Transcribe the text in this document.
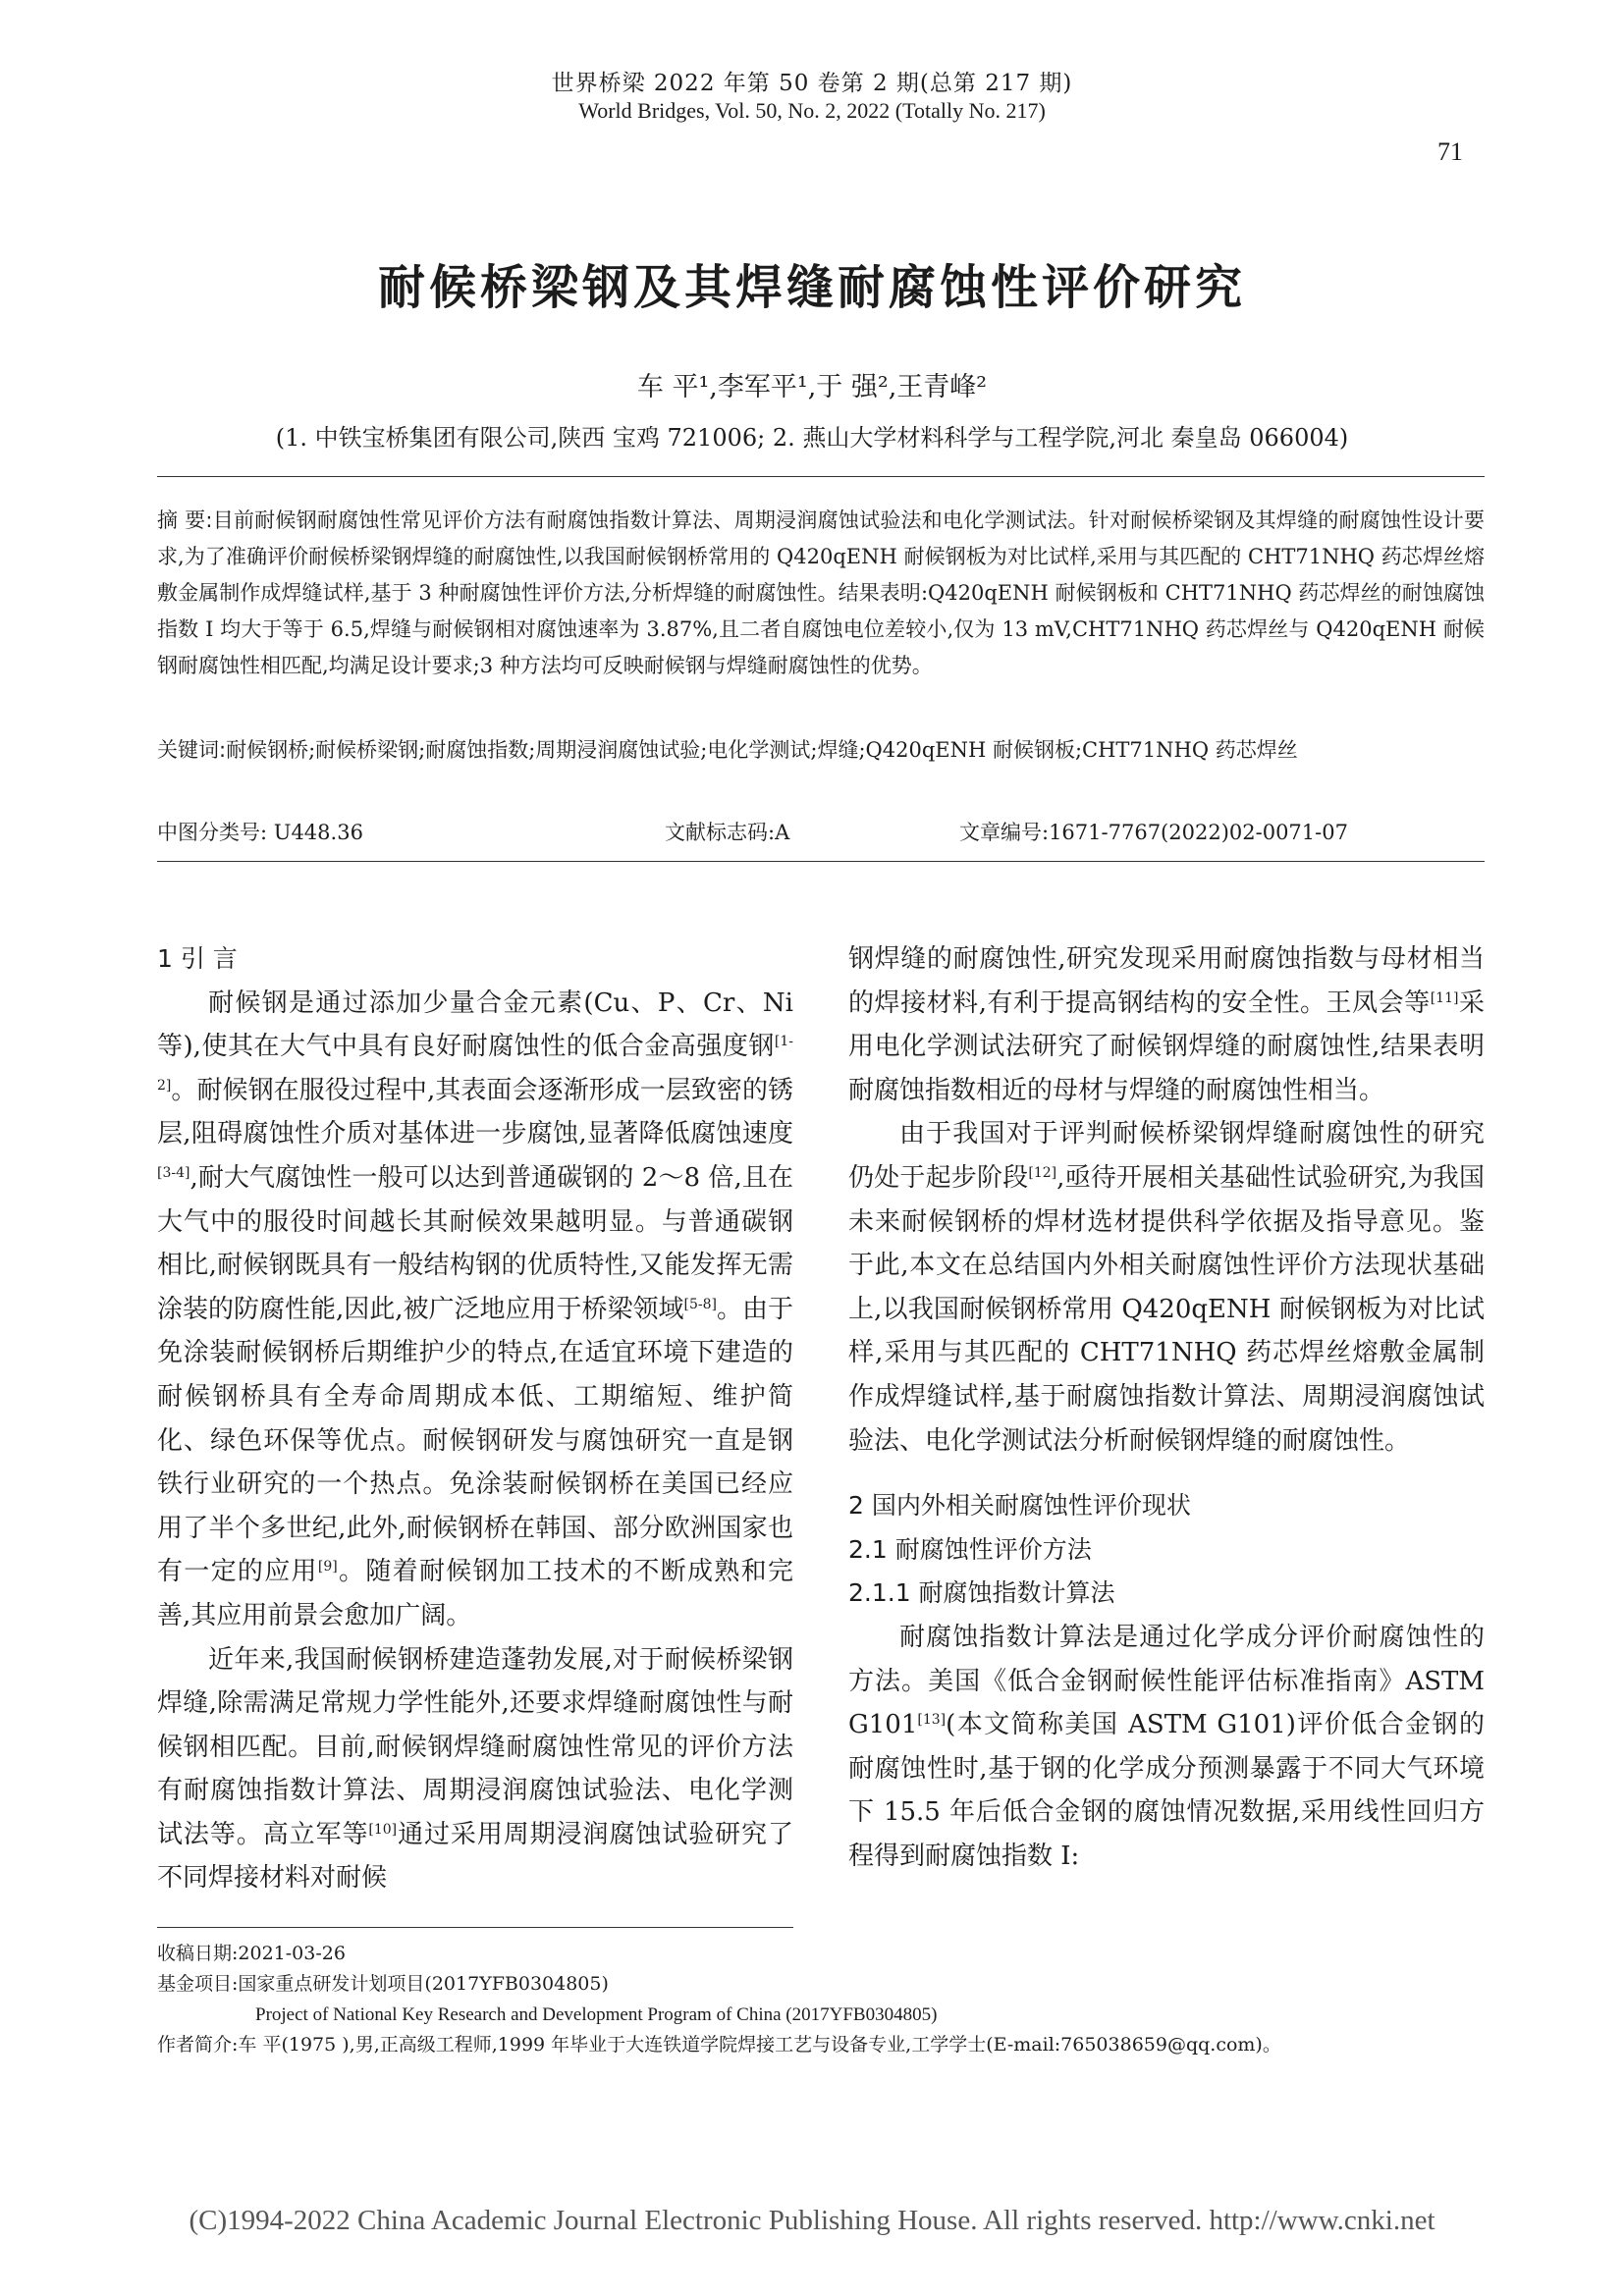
世界桥梁 2022 年第 50 卷第 2 期(总第 217 期)
World Bridges, Vol. 50, No. 2, 2022 (Totally No. 217)
71
耐候桥梁钢及其焊缝耐腐蚀性评价研究
车 平¹,李军平¹,于 强²,王青峰²
(1. 中铁宝桥集团有限公司,陕西 宝鸡 721006; 2. 燕山大学材料科学与工程学院,河北 秦皇岛 066004)
摘 要:目前耐候钢耐腐蚀性常见评价方法有耐腐蚀指数计算法、周期浸润腐蚀试验法和电化学测试法。针对耐候桥梁钢及其焊缝的耐腐蚀性设计要求,为了准确评价耐候桥梁钢焊缝的耐腐蚀性,以我国耐候钢桥常用的 Q420qENH 耐候钢板为对比试样,采用与其匹配的 CHT71NHQ 药芯焊丝熔敷金属制作成焊缝试样,基于 3 种耐腐蚀性评价方法,分析焊缝的耐腐蚀性。结果表明:Q420qENH 耐候钢板和 CHT71NHQ 药芯焊丝的耐蚀腐蚀指数 I 均大于等于 6.5,焊缝与耐候钢相对腐蚀速率为 3.87%,且二者自腐蚀电位差较小,仅为 13 mV,CHT71NHQ 药芯焊丝与 Q420qENH 耐候钢耐腐蚀性相匹配,均满足设计要求;3 种方法均可反映耐候钢与焊缝耐腐蚀性的优势。
关键词:耐候钢桥;耐候桥梁钢;耐腐蚀指数;周期浸润腐蚀试验;电化学测试;焊缝;Q420qENH 耐候钢板;CHT71NHQ 药芯焊丝
中图分类号: U448.36	文献标志码:A	文章编号:1671-7767(2022)02-0071-07

1 引 言

耐候钢是通过添加少量合金元素(Cu、P、Cr、Ni等),使其在大气中具有良好耐腐蚀性的低合金高强度钢[1-2]。耐候钢在服役过程中,其表面会逐渐形成一层致密的锈层,阻碍腐蚀性介质对基体进一步腐蚀,显著降低腐蚀速度[3-4],耐大气腐蚀性一般可以达到普通碳钢的 2～8 倍,且在大气中的服役时间越长其耐候效果越明显。与普通碳钢相比,耐候钢既具有一般结构钢的优质特性,又能发挥无需涂装的防腐性能,因此,被广泛地应用于桥梁领域[5-8]。由于免涂装耐候钢桥后期维护少的特点,在适宜环境下建造的耐候钢桥具有全寿命周期成本低、工期缩短、维护简化、绿色环保等优点。耐候钢研发与腐蚀研究一直是钢铁行业研究的一个热点。免涂装耐候钢桥在美国已经应用了半个多世纪,此外,耐候钢桥在韩国、部分欧洲国家也有一定的应用[9]。随着耐候钢加工技术的不断成熟和完善,其应用前景会愈加广阔。

近年来,我国耐候钢桥建造蓬勃发展,对于耐候桥梁钢焊缝,除需满足常规力学性能外,还要求焊缝耐腐蚀性与耐候钢相匹配。目前,耐候钢焊缝耐腐蚀性常见的评价方法有耐腐蚀指数计算法、周期浸润腐蚀试验法、电化学测试法等。高立军等[10]通过采用周期浸润腐蚀试验研究了不同焊接材料对耐候

钢焊缝的耐腐蚀性,研究发现采用耐腐蚀指数与母材相当的焊接材料,有利于提高钢结构的安全性。王凤会等[11]采用电化学测试法研究了耐候钢焊缝的耐腐蚀性,结果表明耐腐蚀指数相近的母材与焊缝的耐腐蚀性相当。

由于我国对于评判耐候桥梁钢焊缝耐腐蚀性的研究仍处于起步阶段[12],亟待开展相关基础性试验研究,为我国未来耐候钢桥的焊材选材提供科学依据及指导意见。鉴于此,本文在总结国内外相关耐腐蚀性评价方法现状基础上,以我国耐候钢桥常用 Q420qENH 耐候钢板为对比试样,采用与其匹配的 CHT71NHQ 药芯焊丝熔敷金属制作成焊缝试样,基于耐腐蚀指数计算法、周期浸润腐蚀试验法、电化学测试法分析耐候钢焊缝的耐腐蚀性。

2 国内外相关耐腐蚀性评价现状

2.1 耐腐蚀性评价方法

2.1.1 耐腐蚀指数计算法

耐腐蚀指数计算法是通过化学成分评价耐腐蚀性的方法。美国《低合金钢耐候性能评估标准指南》ASTM G101[13](本文简称美国 ASTM G101)评价低合金钢的耐腐蚀性时,基于钢的化学成分预测暴露于不同大气环境下 15.5 年后低合金钢的腐蚀情况数据,采用线性回归方程得到耐腐蚀指数 I:

收稿日期:2021-03-26
基金项目:国家重点研发计划项目(2017YFB0304805)
Project of National Key Research and Development Program of China (2017YFB0304805)
作者简介:车 平(1975 ),男,正高级工程师,1999 年毕业于大连铁道学院焊接工艺与设备专业,工学学士(E-mail:765038659@qq.com)。
(C)1994-2022 China Academic Journal Electronic Publishing House. All rights reserved. http://www.cnki.net
